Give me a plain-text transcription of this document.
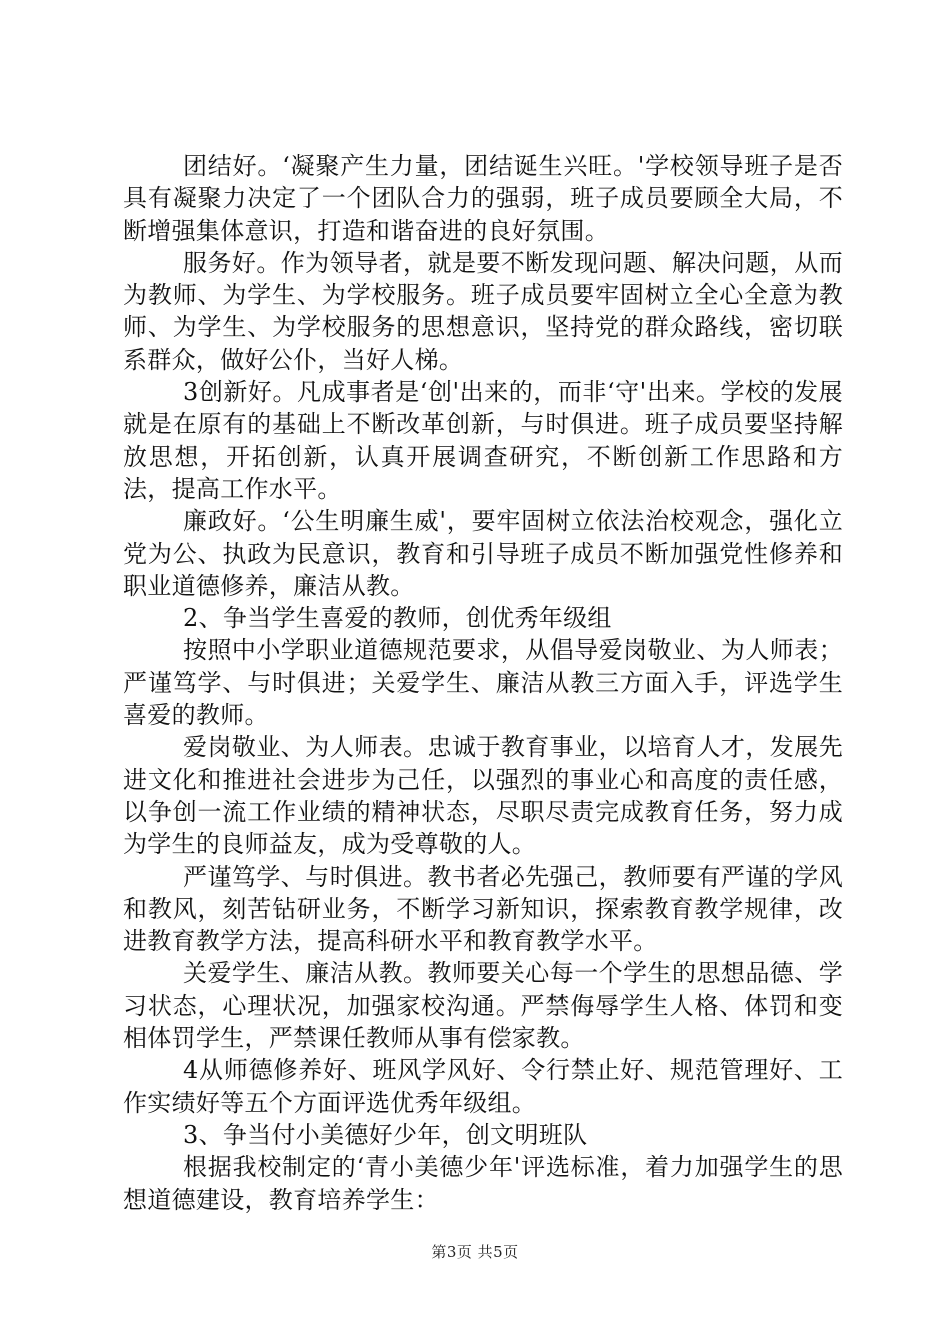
团结好。‘凝聚产生力量，团结诞生兴旺。'学校领导班子是否具有凝聚力决定了一个团队合力的强弱，班子成员要顾全大局，不断增强集体意识，打造和谐奋进的良好氛围。

服务好。作为领导者，就是要不断发现问题、解决问题，从而为教师、为学生、为学校服务。班子成员要牢固树立全心全意为教师、为学生、为学校服务的思想意识，坚持党的群众路线，密切联系群众，做好公仆，当好人梯。

3创新好。凡成事者是‘创'出来的，而非‘守'出来。学校的发展就是在原有的基础上不断改革创新，与时俱进。班子成员要坚持解放思想，开拓创新，认真开展调查研究，不断创新工作思路和方法，提高工作水平。

廉政好。‘公生明廉生威'，要牢固树立依法治校观念，强化立党为公、执政为民意识，教育和引导班子成员不断加强党性修养和职业道德修养，廉洁从教。

2、争当学生喜爱的教师，创优秀年级组

按照中小学职业道德规范要求，从倡导爱岗敬业、为人师表；严谨笃学、与时俱进；关爱学生、廉洁从教三方面入手，评选学生喜爱的教师。

爱岗敬业、为人师表。忠诚于教育事业，以培育人才，发展先进文化和推进社会进步为己任，以强烈的事业心和高度的责任感，以争创一流工作业绩的精神状态，尽职尽责完成教育任务，努力成为学生的良师益友，成为受尊敬的人。

严谨笃学、与时俱进。教书者必先强己，教师要有严谨的学风和教风，刻苦钻研业务，不断学习新知识，探索教育教学规律，改进教育教学方法，提高科研水平和教育教学水平。

关爱学生、廉洁从教。教师要关心每一个学生的思想品德、学习状态，心理状况，加强家校沟通。严禁侮辱学生人格、体罚和变相体罚学生，严禁课任教师从事有偿家教。

4从师德修养好、班风学风好、令行禁止好、规范管理好、工作实绩好等五个方面评选优秀年级组。

3、争当付小美德好少年，创文明班队

根据我校制定的‘青小美德少年'评选标准，着力加强学生的思想道德建设，教育培养学生：

第3页 共5页
